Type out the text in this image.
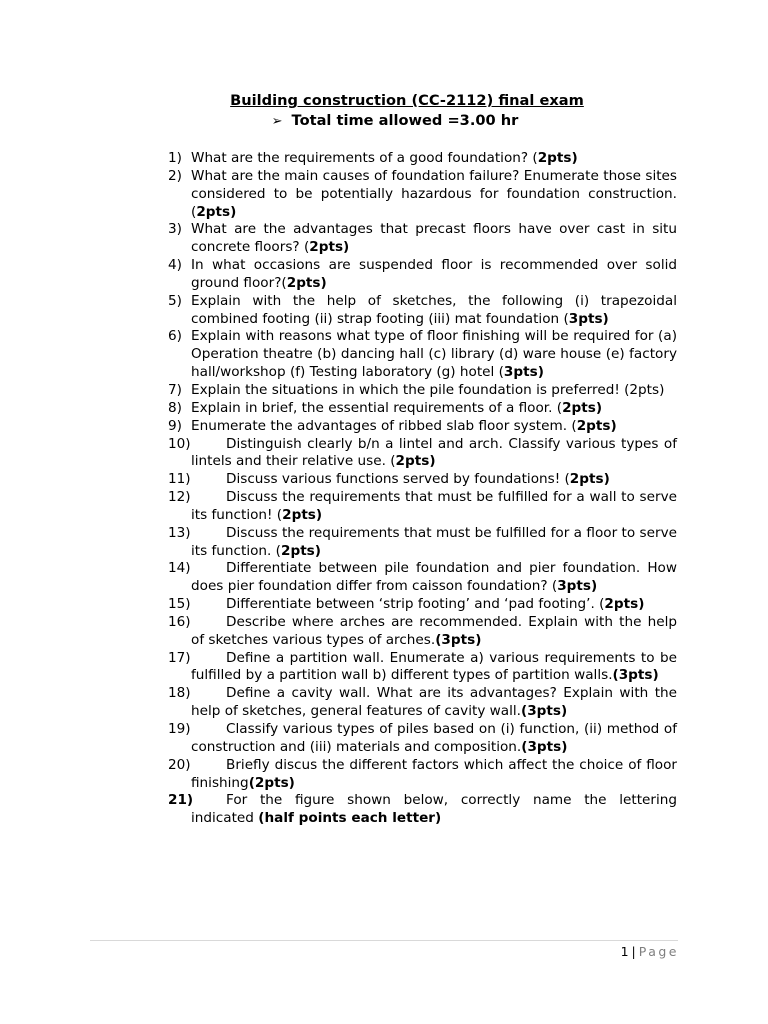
Building construction (CC-2112) final exam
➢ Total time allowed =3.00 hr
1) What are the requirements of a good foundation? (2pts)
2) What are the main causes of foundation failure? Enumerate those sites considered to be potentially hazardous for foundation construction. (2pts)
3) What are the advantages that precast floors have over cast in situ concrete floors? (2pts)
4) In what occasions are suspended floor is recommended over solid ground floor?(2pts)
5) Explain with the help of sketches, the following (i) trapezoidal combined footing (ii) strap footing (iii) mat foundation (3pts)
6) Explain with reasons what type of floor finishing will be required for (a) Operation theatre (b) dancing hall (c) library (d) ware house (e) factory hall/workshop (f) Testing laboratory (g) hotel (3pts)
7) Explain the situations in which the pile foundation is preferred! (2pts)
8) Explain in brief, the essential requirements of a floor. (2pts)
9) Enumerate the advantages of ribbed slab floor system. (2pts)
10)	Distinguish clearly b/n a lintel and arch. Classify various types of lintels and their relative use. (2pts)
11)	Discuss various functions served by foundations! (2pts)
12)	Discuss the requirements that must be fulfilled for a wall to serve its function! (2pts)
13)	Discuss the requirements that must be fulfilled for a floor to serve its function. (2pts)
14)	Differentiate between pile foundation and pier foundation. How does pier foundation differ from caisson foundation? (3pts)
15)	Differentiate between ‘strip footing’ and ‘pad footing’. (2pts)
16)	Describe where arches are recommended. Explain with the help of sketches various types of arches.(3pts)
17)	Define a partition wall. Enumerate a) various requirements to be fulfilled by a partition wall b) different types of partition walls.(3pts)
18)	Define a cavity wall. What are its advantages? Explain with the help of sketches, general features of cavity wall.(3pts)
19)	Classify various types of piles based on (i) function, (ii) method of construction and (iii) materials and composition.(3pts)
20)	Briefly discus the different factors which affect the choice of floor finishing(2pts)
21) For the figure shown below, correctly name the lettering indicated (half points each letter)
1 | Page
